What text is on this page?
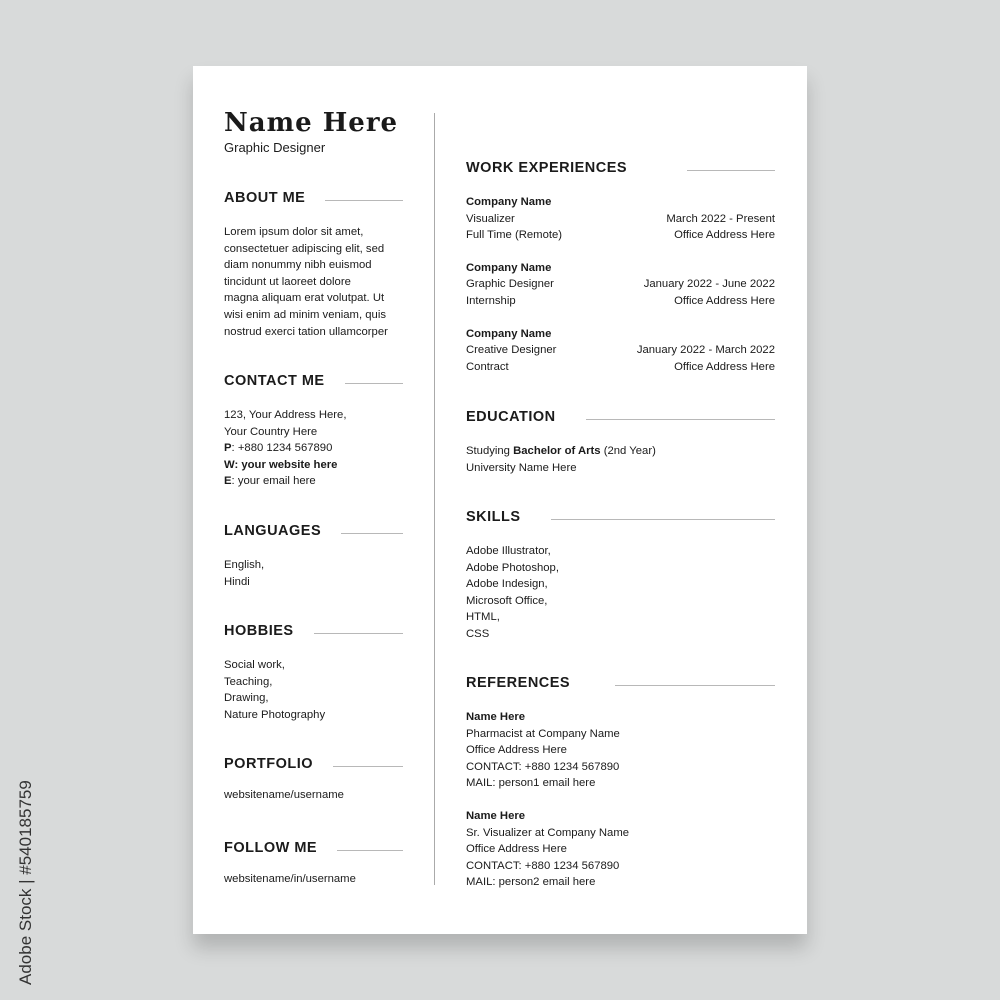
Name Here
Graphic Designer
ABOUT ME
Lorem ipsum dolor sit amet,
consectetuer adipiscing elit, sed
diam nonummy nibh euismod
tincidunt ut laoreet dolore
magna aliquam erat volutpat. Ut
wisi enim ad minim veniam, quis
nostrud exerci tation ullamcorper
CONTACT ME
123, Your Address Here,
Your Country Here
P: +880 1234 567890
W: your website here
E: your email here
LANGUAGES
English,
Hindi
HOBBIES
Social work,
Teaching,
Drawing,
Nature Photography
PORTFOLIO
websitename/username
FOLLOW ME
websitename/in/username
WORK EXPERIENCES
Company Name
Visualizer	March 2022 - Present
Full Time (Remote)	Office Address Here
Company Name
Graphic Designer	January 2022 - June 2022
Internship	Office Address Here
Company Name
Creative Designer	January 2022 - March 2022
Contract	Office Address Here
EDUCATION
Studying Bachelor of Arts (2nd Year)
University Name Here
SKILLS
Adobe Illustrator,
Adobe Photoshop,
Adobe Indesign,
Microsoft Office,
HTML,
CSS
REFERENCES
Name Here
Pharmacist at Company Name
Office Address Here
CONTACT: +880 1234 567890
MAIL: person1 email here
Name Here
Sr. Visualizer at Company Name
Office Address Here
CONTACT: +880 1234 567890
MAIL: person2 email here
Adobe Stock | #540185759
